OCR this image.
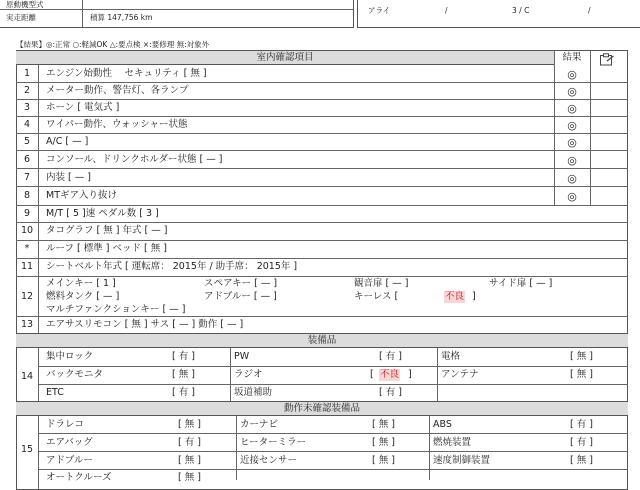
原動機型式
実走距離	積算 147,756 km
アライ	/	3 / C	/
【結果】◎:正常 ○:軽減OK △:要点検 ×:要修理 無:対象外
室内確認項目	結果
1	エンジン始動性　 セキュリティ [ 無 ]	◎
2	メーター動作、警告灯、各ランプ	◎
3	ホーン [ 電気式 ]	◎
4	ワイパー動作、ウォッシャー状態	◎
5	A/C [ — ]	◎
6	コンソール、ドリンクホルダー状態 [ — ]	◎
7	内装 [ — ]	◎
8	MTギア入り抜け	◎
9	M/T [ 5 ]速 ペダル数 [ 3 ]
10	タコグラフ [ 無 ] 年式 [ — ]
*	ルーフ [ 標準 ] ベッド [ 無 ]
11	シートベルト年式 [ 運転席： 2015年 / 助手席： 2015年 ]
12
メインキー [ 1 ]	スペアキー [ — ]	観音扉 [ — ]	サイド扉 [ — ]
燃料タンク [ — ]	アドブルー [ — ]	キーレス [	不良 ]
マルチファンクションキー [ — ]
13	エアサスリモコン [ 無 ] サス [ — ] 動作 [ — ]
装備品
14
集中ロック	[ 有 ]	PW	[ 有 ]	電格	[ 無 ]
バックモニタ	[ 無 ]	ラジオ	[ 不良 ]	アンテナ	[ 無 ]
ETC	[ 有 ]	坂道補助	[ 有 ]
動作未確認装備品
15
ドラレコ	[ 無 ]	カーナビ	[ 無 ]	ABS	[ 有 ]
エアバッグ	[ 有 ]	ヒーターミラー	[ 無 ]	燃焼装置	[ 有 ]
アドブルー	[ 無 ]	近接センサー	[ 無 ]	速度制御装置	[ 無 ]
オートクルーズ	[ 無 ]
